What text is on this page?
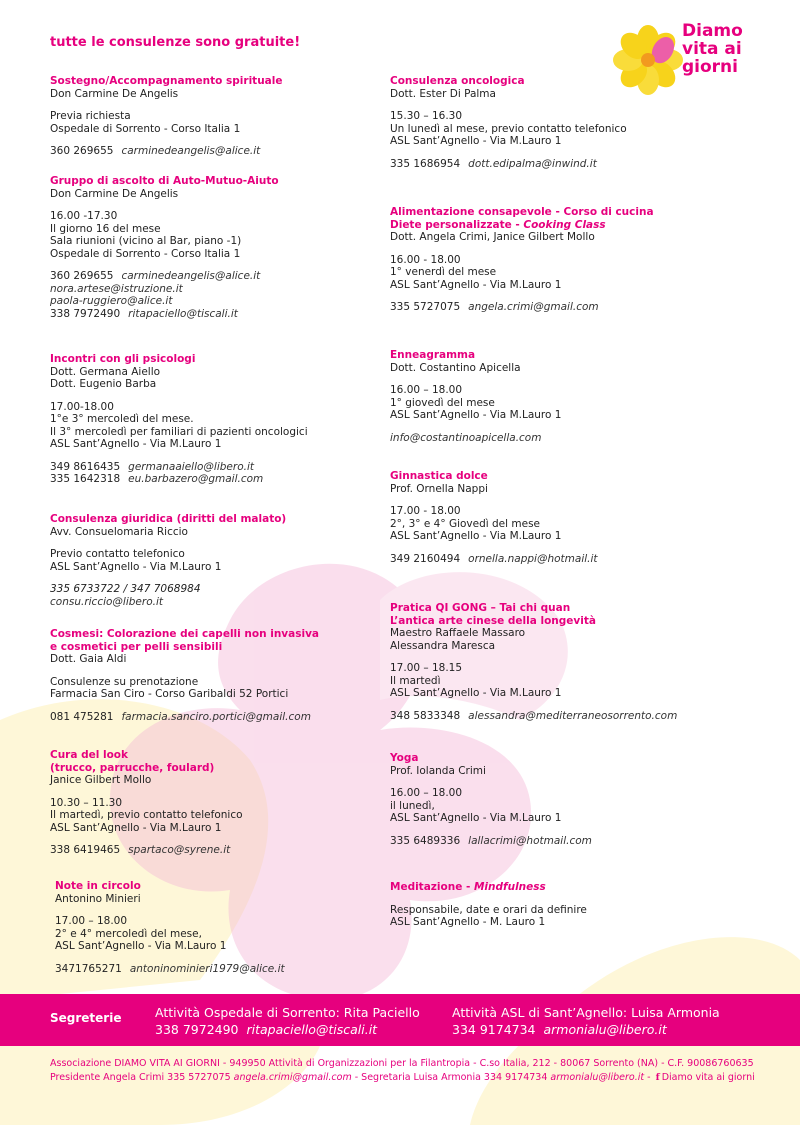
tutte le consulenze sono gratuite!
Diamo
vita ai
giorni
Sostegno/Accompagnamento spirituale
Don Carmine De Angelis
Previa richiesta
Ospedale di Sorrento - Corso Italia 1
360 269655 carminedeangelis@alice.it
Gruppo di ascolto di Auto-Mutuo-Aiuto
Don Carmine De Angelis
16.00 -17.30
Il giorno 16 del mese
Sala riunioni (vicino al Bar, piano -1)
Ospedale di Sorrento - Corso Italia 1
360 269655 carminedeangelis@alice.it
nora.artese@istruzione.it
paola-ruggiero@alice.it
338 7972490 ritapaciello@tiscali.it
Incontri con gli psicologi
Dott. Germana Aiello
Dott. Eugenio Barba
17.00-18.00
1°e 3° mercoledì del mese.
Il 3° mercoledì per familiari di pazienti oncologici
ASL Sant’Agnello - Via M.Lauro 1
349 8616435 germanaaiello@libero.it
335 1642318 eu.barbazero@gmail.com
Consulenza giuridica (diritti del malato)
Avv. Consuelomaria Riccio
Previo contatto telefonico
ASL Sant’Agnello - Via M.Lauro 1
335 6733722 / 347 7068984
consu.riccio@libero.it
Cosmesi: Colorazione dei capelli non invasiva
e cosmetici per pelli sensibili
Dott. Gaia Aldi
Consulenze su prenotazione
Farmacia San Ciro - Corso Garibaldi 52 Portici
081 475281 farmacia.sanciro.portici@gmail.com
Cura del look
(trucco, parrucche, foulard)
Janice Gilbert Mollo
10.30 – 11.30
Il martedì, previo contatto telefonico
ASL Sant’Agnello - Via M.Lauro 1
338 6419465 spartaco@syrene.it
Note in circolo
Antonino Minieri
17.00 – 18.00
2° e 4° mercoledì del mese,
ASL Sant’Agnello - Via M.Lauro 1
3471765271 antoninominieri1979@alice.it
Consulenza oncologica
Dott. Ester Di Palma
15.30 – 16.30
Un lunedì al mese, previo contatto telefonico
ASL Sant’Agnello - Via M.Lauro 1
335 1686954 dott.edipalma@inwind.it
Alimentazione consapevole - Corso di cucina
Diete personalizzate - Cooking Class
Dott. Angela Crimi, Janice Gilbert Mollo
16.00 - 18.00
1° venerdì del mese
ASL Sant’Agnello - Via M.Lauro 1
335 5727075 angela.crimi@gmail.com
Enneagramma
Dott. Costantino Apicella
16.00 – 18.00
1° giovedì del mese
ASL Sant’Agnello - Via M.Lauro 1
info@costantinoapicella.com
Ginnastica dolce
Prof. Ornella Nappi
17.00 - 18.00
2°, 3° e 4° Giovedì del mese
ASL Sant’Agnello - Via M.Lauro 1
349 2160494 ornella.nappi@hotmail.it
Pratica QI GONG – Tai chi quan
L’antica arte cinese della longevità
Maestro Raffaele Massaro
Alessandra Maresca
17.00 – 18.15
Il martedì
ASL Sant’Agnello - Via M.Lauro 1
348 5833348 alessandra@mediterraneosorrento.com
Yoga
Prof. Iolanda Crimi
16.00 – 18.00
il lunedì,
ASL Sant’Agnello - Via M.Lauro 1
335 6489336 lallacrimi@hotmail.com
Meditazione - Mindfulness
Responsabile, date e orari da definire
ASL Sant’Agnello - M. Lauro 1
Segreterie	Attività Ospedale di Sorrento: Rita Paciello
338 7972490 ritapaciello@tiscali.it
Attività ASL di Sant’Agnello: Luisa Armonia
334 9174734 armonialu@libero.it
Associazione DIAMO VITA AI GIORNI - 949950 Attività di Organizzazioni per la Filantropia - C.so Italia, 212 - 80067 Sorrento (NA) - C.F. 90086760635
Presidente Angela Crimi 335 5727075 angela.crimi@gmail.com - Segretaria Luisa Armonia 334 9174734 armonialu@libero.it - f Diamo vita ai giorni
